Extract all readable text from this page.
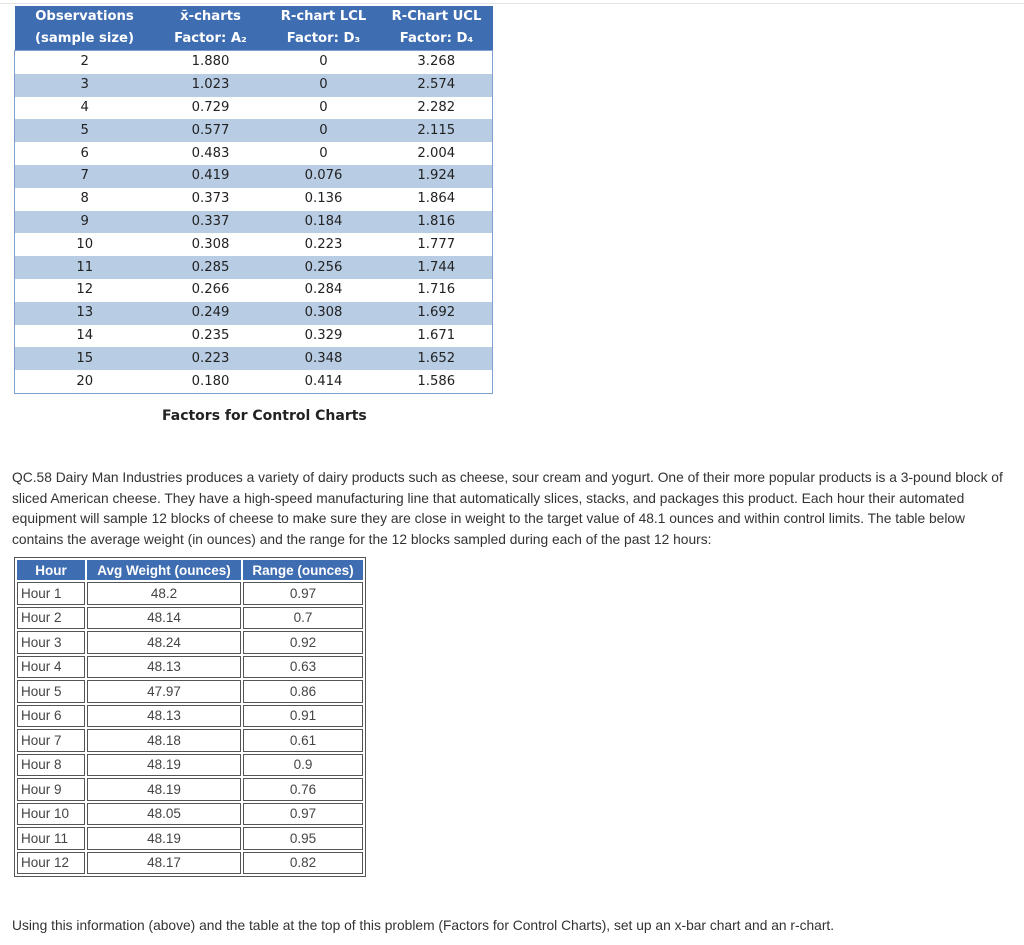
Observations	x̄-charts	R-chart LCL	R-Chart UCL
(sample size)	Factor: A₂	Factor: D₃	Factor: D₄
2	1.880	0	3.268
3	1.023	0	2.574
4	0.729	0	2.282
5	0.577	0	2.115
6	0.483	0	2.004
7	0.419	0.076	1.924
8	0.373	0.136	1.864
9	0.337	0.184	1.816
10	0.308	0.223	1.777
11	0.285	0.256	1.744
12	0.266	0.284	1.716
13	0.249	0.308	1.692
14	0.235	0.329	1.671
15	0.223	0.348	1.652
20	0.180	0.414	1.586
Factors for Control Charts

QC.58 Dairy Man Industries produces a variety of dairy products such as cheese, sour cream and yogurt. One of their more popular products is a 3-pound block of sliced American cheese. They have a high-speed manufacturing line that automatically slices, stacks, and packages this product. Each hour their automated equipment will sample 12 blocks of cheese to make sure they are close in weight to the target value of 48.1 ounces and within control limits. The table below contains the average weight (in ounces) and the range for the 12 blocks sampled during each of the past 12 hours:

Hour	Avg Weight (ounces)	Range (ounces)
Hour 1	48.2	0.97
Hour 2	48.14	0.7
Hour 3	48.24	0.92
Hour 4	48.13	0.63
Hour 5	47.97	0.86
Hour 6	48.13	0.91
Hour 7	48.18	0.61
Hour 8	48.19	0.9
Hour 9	48.19	0.76
Hour 10	48.05	0.97
Hour 11	48.19	0.95
Hour 12	48.17	0.82

Using this information (above) and the table at the top of this problem (Factors for Control Charts), set up an x-bar chart and an r-chart.
